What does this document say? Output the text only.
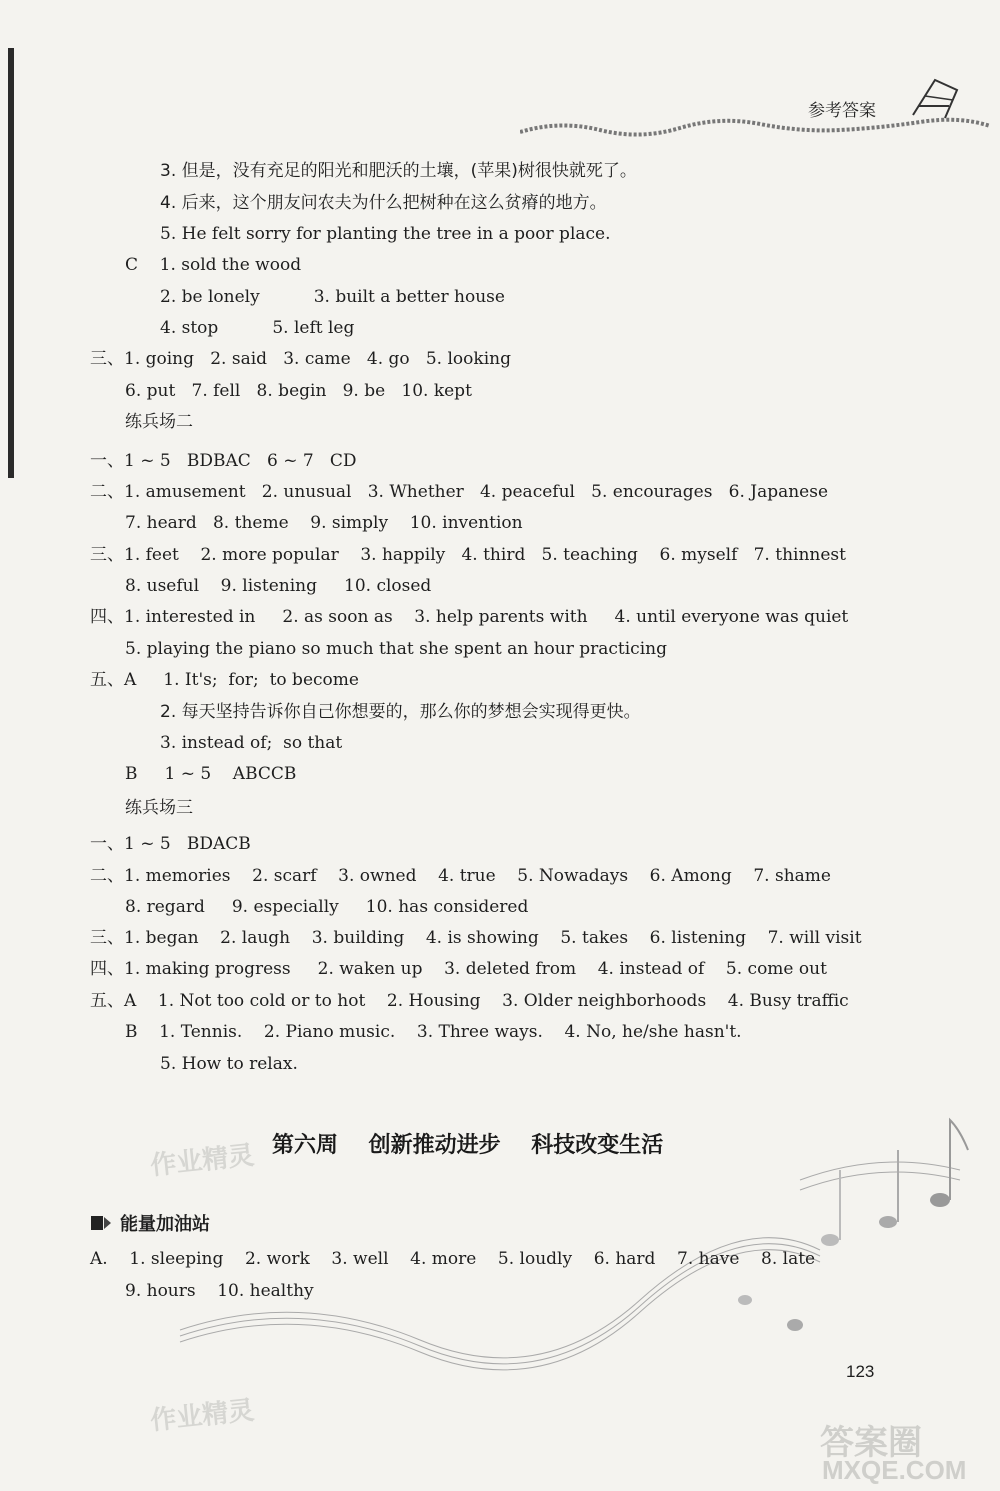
参考答案
3. 但是，没有充足的阳光和肥沃的土壤，(苹果)树很快就死了。
4. 后来，这个朋友问农夫为什么把树种在这么贫瘠的地方。
5. He felt sorry for planting the tree in a poor place.
C    1. sold the wood
2. be lonely          3. built a better house
4. stop          5. left leg
三、1. going   2. said   3. came   4. go   5. looking
6. put   7. fell   8. begin   9. be   10. kept
练兵场二
一、1 ~ 5   BDBAC   6 ~ 7   CD
二、1. amusement   2. unusual   3. Whether   4. peaceful   5. encourages   6. Japanese
7. heard   8. theme    9. simply    10. invention
三、1. feet    2. more popular    3. happily   4. third   5. teaching    6. myself   7. thinnest
8. useful    9. listening     10. closed
四、1. interested in     2. as soon as    3. help parents with     4. until everyone was quiet
5. playing the piano so much that she spent an hour practicing
五、A     1. It's;  for;  to become
2. 每天坚持告诉你自己你想要的，那么你的梦想会实现得更快。
3. instead of;  so that
B     1 ~ 5    ABCCB
练兵场三
一、1 ~ 5   BDACB
二、1. memories    2. scarf    3. owned    4. true    5. Nowadays    6. Among    7. shame
8. regard     9. especially     10. has considered
三、1. began    2. laugh    3. building    4. is showing    5. takes    6. listening    7. will visit
四、1. making progress     2. waken up    3. deleted from    4. instead of    5. come out
五、A    1. Not too cold or to hot    2. Housing    3. Older neighborhoods    4. Busy traffic
B    1. Tennis.    2. Piano music.    3. Three ways.    4. No, he/she hasn't.
5. How to relax.
作业精灵 第六周    创新推动进步    科技改变生活
能量加油站
A.    1. sleeping    2. work    3. well    4. more    5. loudly    6. hard    7. have    8. late
9. hours    10. healthy
123
作业精灵
答案圈
MXQE.COM
